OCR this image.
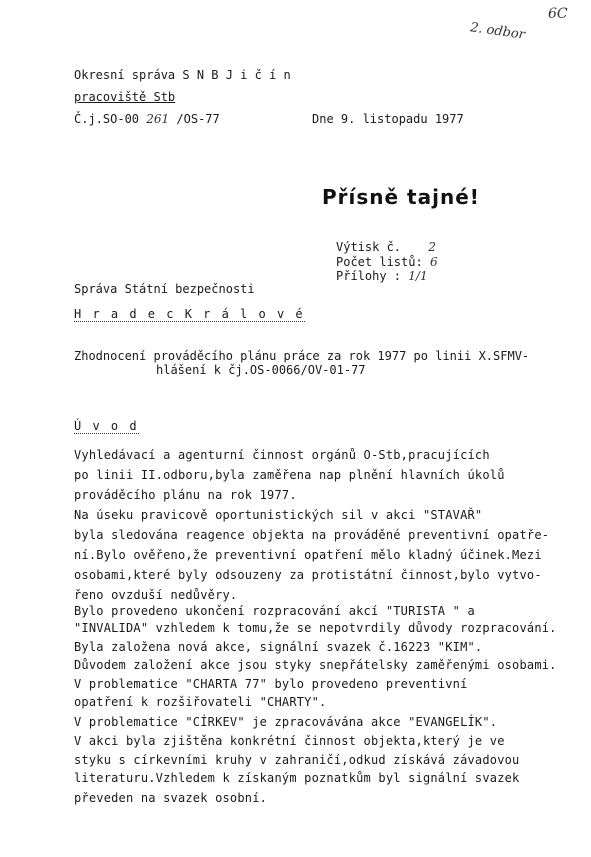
6C
2. odbor
Okresní správa S N B J i č í n
pracoviště Stb
Č.j.SO-00 261 /OS-77	Dne 9. listopadu 1977
Přísně tajné!
Výtisk č. 2
Počet listů: 6
Přílohy : 1/1
Správa Státní bezpečnosti
H r a d e c K r á l o v é
Zhodnocení prováděcího plánu práce za rok 1977 po linii X.SFMV-
hlášení k čj.OS-0066/OV-01-77
Ú v o d
Vyhledávací a agenturní činnost orgánů O-Stb,pracujících
po linii II.odboru,byla zaměřena nap plnění hlavních úkolů
prováděcího plánu na rok 1977.
Na úseku pravicově oportunistických sil v akci "STAVAŘ"
byla sledována reagence objekta na prováděné preventivní opatře-
ní.Bylo ověřeno,že preventivní opatření mělo kladný účinek.Mezi
osobami,které byly odsouzeny za protistátní činnost,bylo vytvo-
řeno ovzduší nedůvěry.
Bylo provedeno ukončení rozpracování akcí "TURISTA " a
"INVALIDA" vzhledem k tomu,že se nepotvrdily důvody rozpracování.
Byla založena nová akce, signální svazek č.16223 "KIM".
Důvodem založení akce jsou styky snepřátelsky zaměřenými osobami.
V problematice "CHARTA 77" bylo provedeno preventivní
opatření k rozšiřovateli "CHARTY".
V problematice "CÍRKEV" je zpracovávána akce "EVANGELÍK".
V akci byla zjištěna konkrétní činnost objekta,který je ve
styku s církevními kruhy v zahraničí,odkud získává závadovou
literaturu.Vzhledem k získaným poznatkům byl signální svazek
převeden na svazek osobní.
